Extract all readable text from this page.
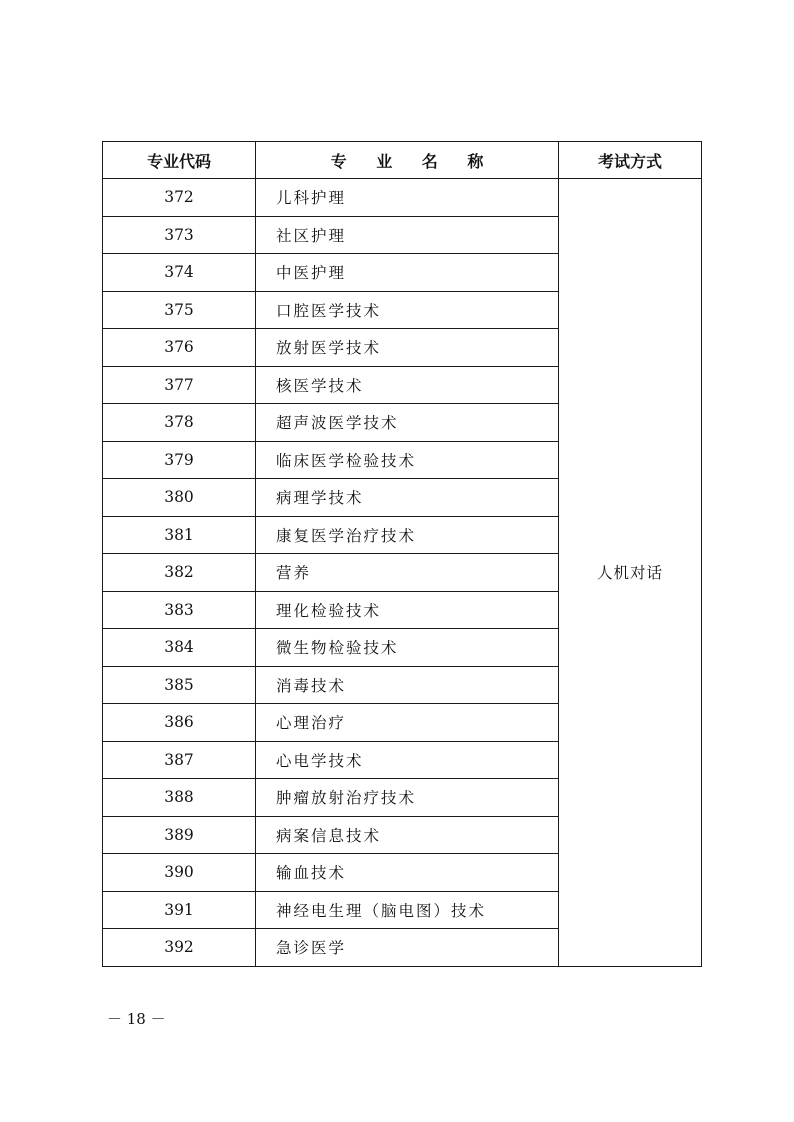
专业代码	专 业 名 称	考试方式
372	儿科护理	人机对话
373	社区护理	
374	中医护理	
375	口腔医学技术	
376	放射医学技术	
377	核医学技术	
378	超声波医学技术	
379	临床医学检验技术	
380	病理学技术	
381	康复医学治疗技术	
382	营养	
383	理化检验技术	
384	微生物检验技术	
385	消毒技术	
386	心理治疗	
387	心电学技术	
388	肿瘤放射治疗技术	
389	病案信息技术	
390	输血技术	
391	神经电生理（脑电图）技术	
392	急诊医学	
－ 18 －
